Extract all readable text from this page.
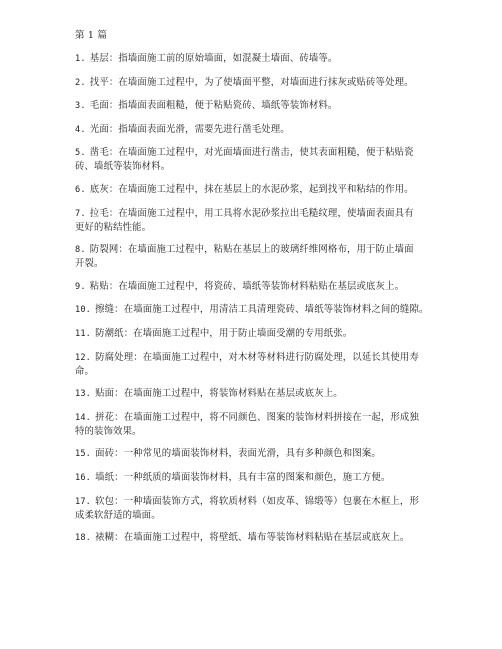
第 1 篇
1. 基层：指墙面施工前的原始墙面，如混凝土墙面、砖墙等。
2. 找平：在墙面施工过程中，为了使墙面平整，对墙面进行抹灰或贴砖等处理。
3. 毛面：指墙面表面粗糙，便于粘贴瓷砖、墙纸等装饰材料。
4. 光面：指墙面表面光滑，需要先进行凿毛处理。
5. 凿毛：在墙面施工过程中，对光面墙面进行凿击，使其表面粗糙，便于粘贴瓷
砖、墙纸等装饰材料。
6. 底灰：在墙面施工过程中，抹在基层上的水泥砂浆，起到找平和粘结的作用。
7. 拉毛：在墙面施工过程中，用工具将水泥砂浆拉出毛糙纹理，使墙面表面具有
更好的粘结性能。
8. 防裂网：在墙面施工过程中，粘贴在基层上的玻璃纤维网格布，用于防止墙面
开裂。
9. 粘贴：在墙面施工过程中，将瓷砖、墙纸等装饰材料粘贴在基层或底灰上。
10. 擦缝：在墙面施工过程中，用清洁工具清理瓷砖、墙纸等装饰材料之间的缝隙。
11. 防潮纸：在墙面施工过程中，用于防止墙面受潮的专用纸张。
12. 防腐处理：在墙面施工过程中，对木材等材料进行防腐处理，以延长其使用寿
命。
13. 贴面：在墙面施工过程中，将装饰材料贴在基层或底灰上。
14. 拼花：在墙面施工过程中，将不同颜色、图案的装饰材料拼接在一起，形成独
特的装饰效果。
15. 面砖：一种常见的墙面装饰材料，表面光滑，具有多种颜色和图案。
16. 墙纸：一种纸质的墙面装饰材料，具有丰富的图案和颜色，施工方便。
17. 软包：一种墙面装饰方式，将软质材料（如皮革、锦缎等）包裹在木框上，形
成柔软舒适的墙面。
18. 裱糊：在墙面施工过程中，将壁纸、墙布等装饰材料粘贴在基层或底灰上。
